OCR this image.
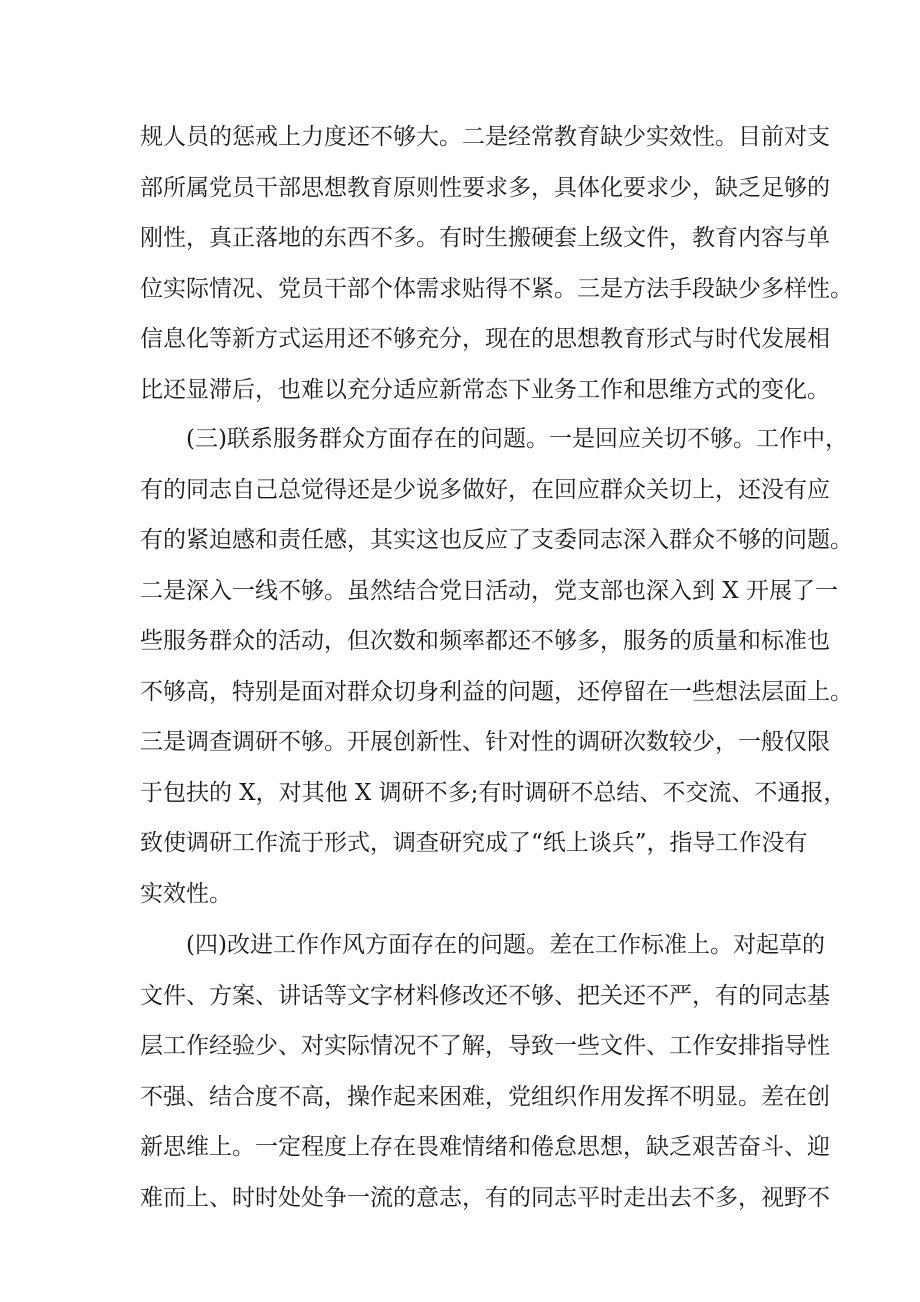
规人员的惩戒上力度还不够大。二是经常教育缺少实效性。目前对支
部所属党员干部思想教育原则性要求多，具体化要求少，缺乏足够的
刚性，真正落地的东西不多。有时生搬硬套上级文件，教育内容与单
位实际情况、党员干部个体需求贴得不紧。三是方法手段缺少多样性。
信息化等新方式运用还不够充分，现在的思想教育形式与时代发展相
比还显滞后，也难以充分适应新常态下业务工作和思维方式的变化。
(三)联系服务群众方面存在的问题。一是回应关切不够。工作中，
有的同志自己总觉得还是少说多做好，在回应群众关切上，还没有应
有的紧迫感和责任感，其实这也反应了支委同志深入群众不够的问题。
二是深入一线不够。虽然结合党日活动，党支部也深入到 X 开展了一
些服务群众的活动，但次数和频率都还不够多，服务的质量和标准也
不够高，特别是面对群众切身利益的问题，还停留在一些想法层面上。
三是调查调研不够。开展创新性、针对性的调研次数较少，一般仅限
于包扶的 X，对其他 X 调研不多;有时调研不总结、不交流、不通报，
致使调研工作流于形式，调查研究成了“纸上谈兵”，指导工作没有
实效性。
(四)改进工作作风方面存在的问题。差在工作标准上。对起草的
文件、方案、讲话等文字材料修改还不够、把关还不严，有的同志基
层工作经验少、对实际情况不了解，导致一些文件、工作安排指导性
不强、结合度不高，操作起来困难，党组织作用发挥不明显。差在创
新思维上。一定程度上存在畏难情绪和倦怠思想，缺乏艰苦奋斗、迎
难而上、时时处处争一流的意志，有的同志平时走出去不多，视野不
